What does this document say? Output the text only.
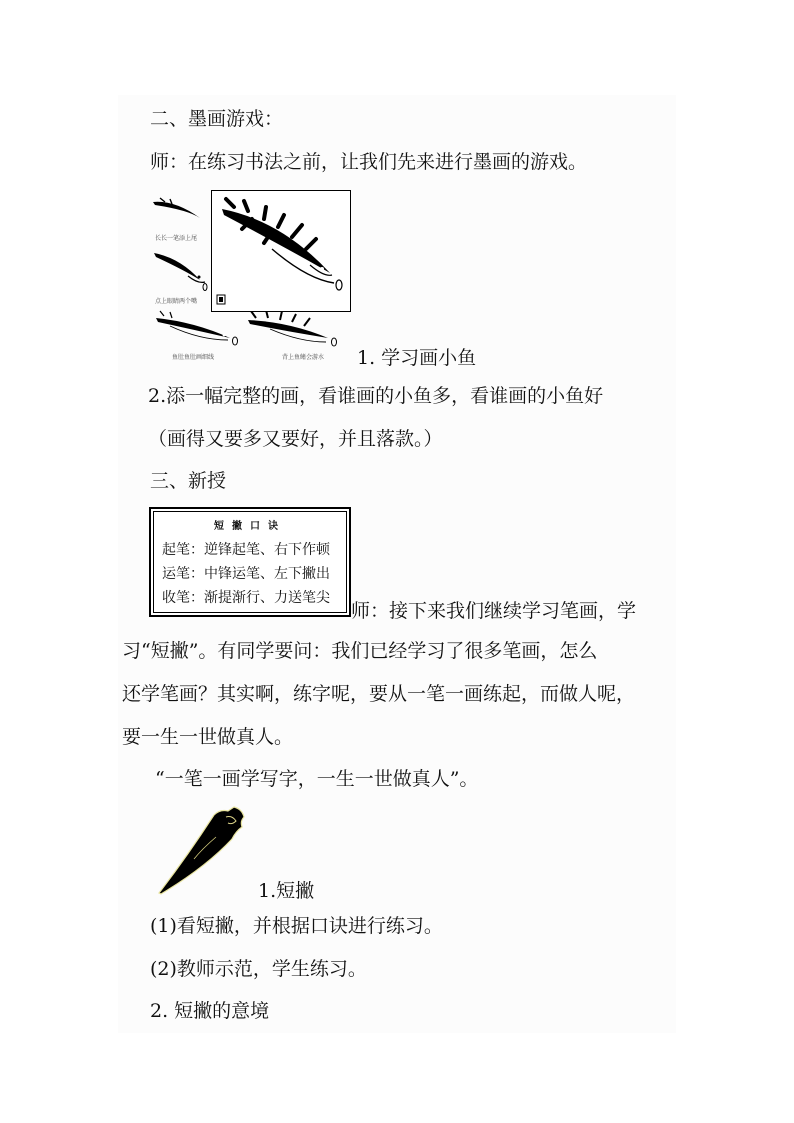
二、墨画游戏：
师：在练习书法之前，让我们先来进行墨画的游戏。
长长一笔添上尾
点上眼睛两个嘴
鱼肚鱼肚画细线	背上鱼鳍会游水 1. 学习画小鱼
2.添一幅完整的画，看谁画的小鱼多，看谁画的小鱼好
（画得又要多又要好，并且落款。）
三、新授
短撇口诀
起笔：逆锋起笔、右下作顿
运笔：中锋运笔、左下撇出
收笔：渐提渐行、力送笔尖
师：接下来我们继续学习笔画，学
习“短撇”。有同学要问：我们已经学习了很多笔画，怎么
还学笔画？其实啊，练字呢，要从一笔一画练起，而做人呢，
要一生一世做真人。
“一笔一画学写字，一生一世做真人”。
1.短撇
(1)看短撇，并根据口诀进行练习。
(2)教师示范，学生练习。
2. 短撇的意境
